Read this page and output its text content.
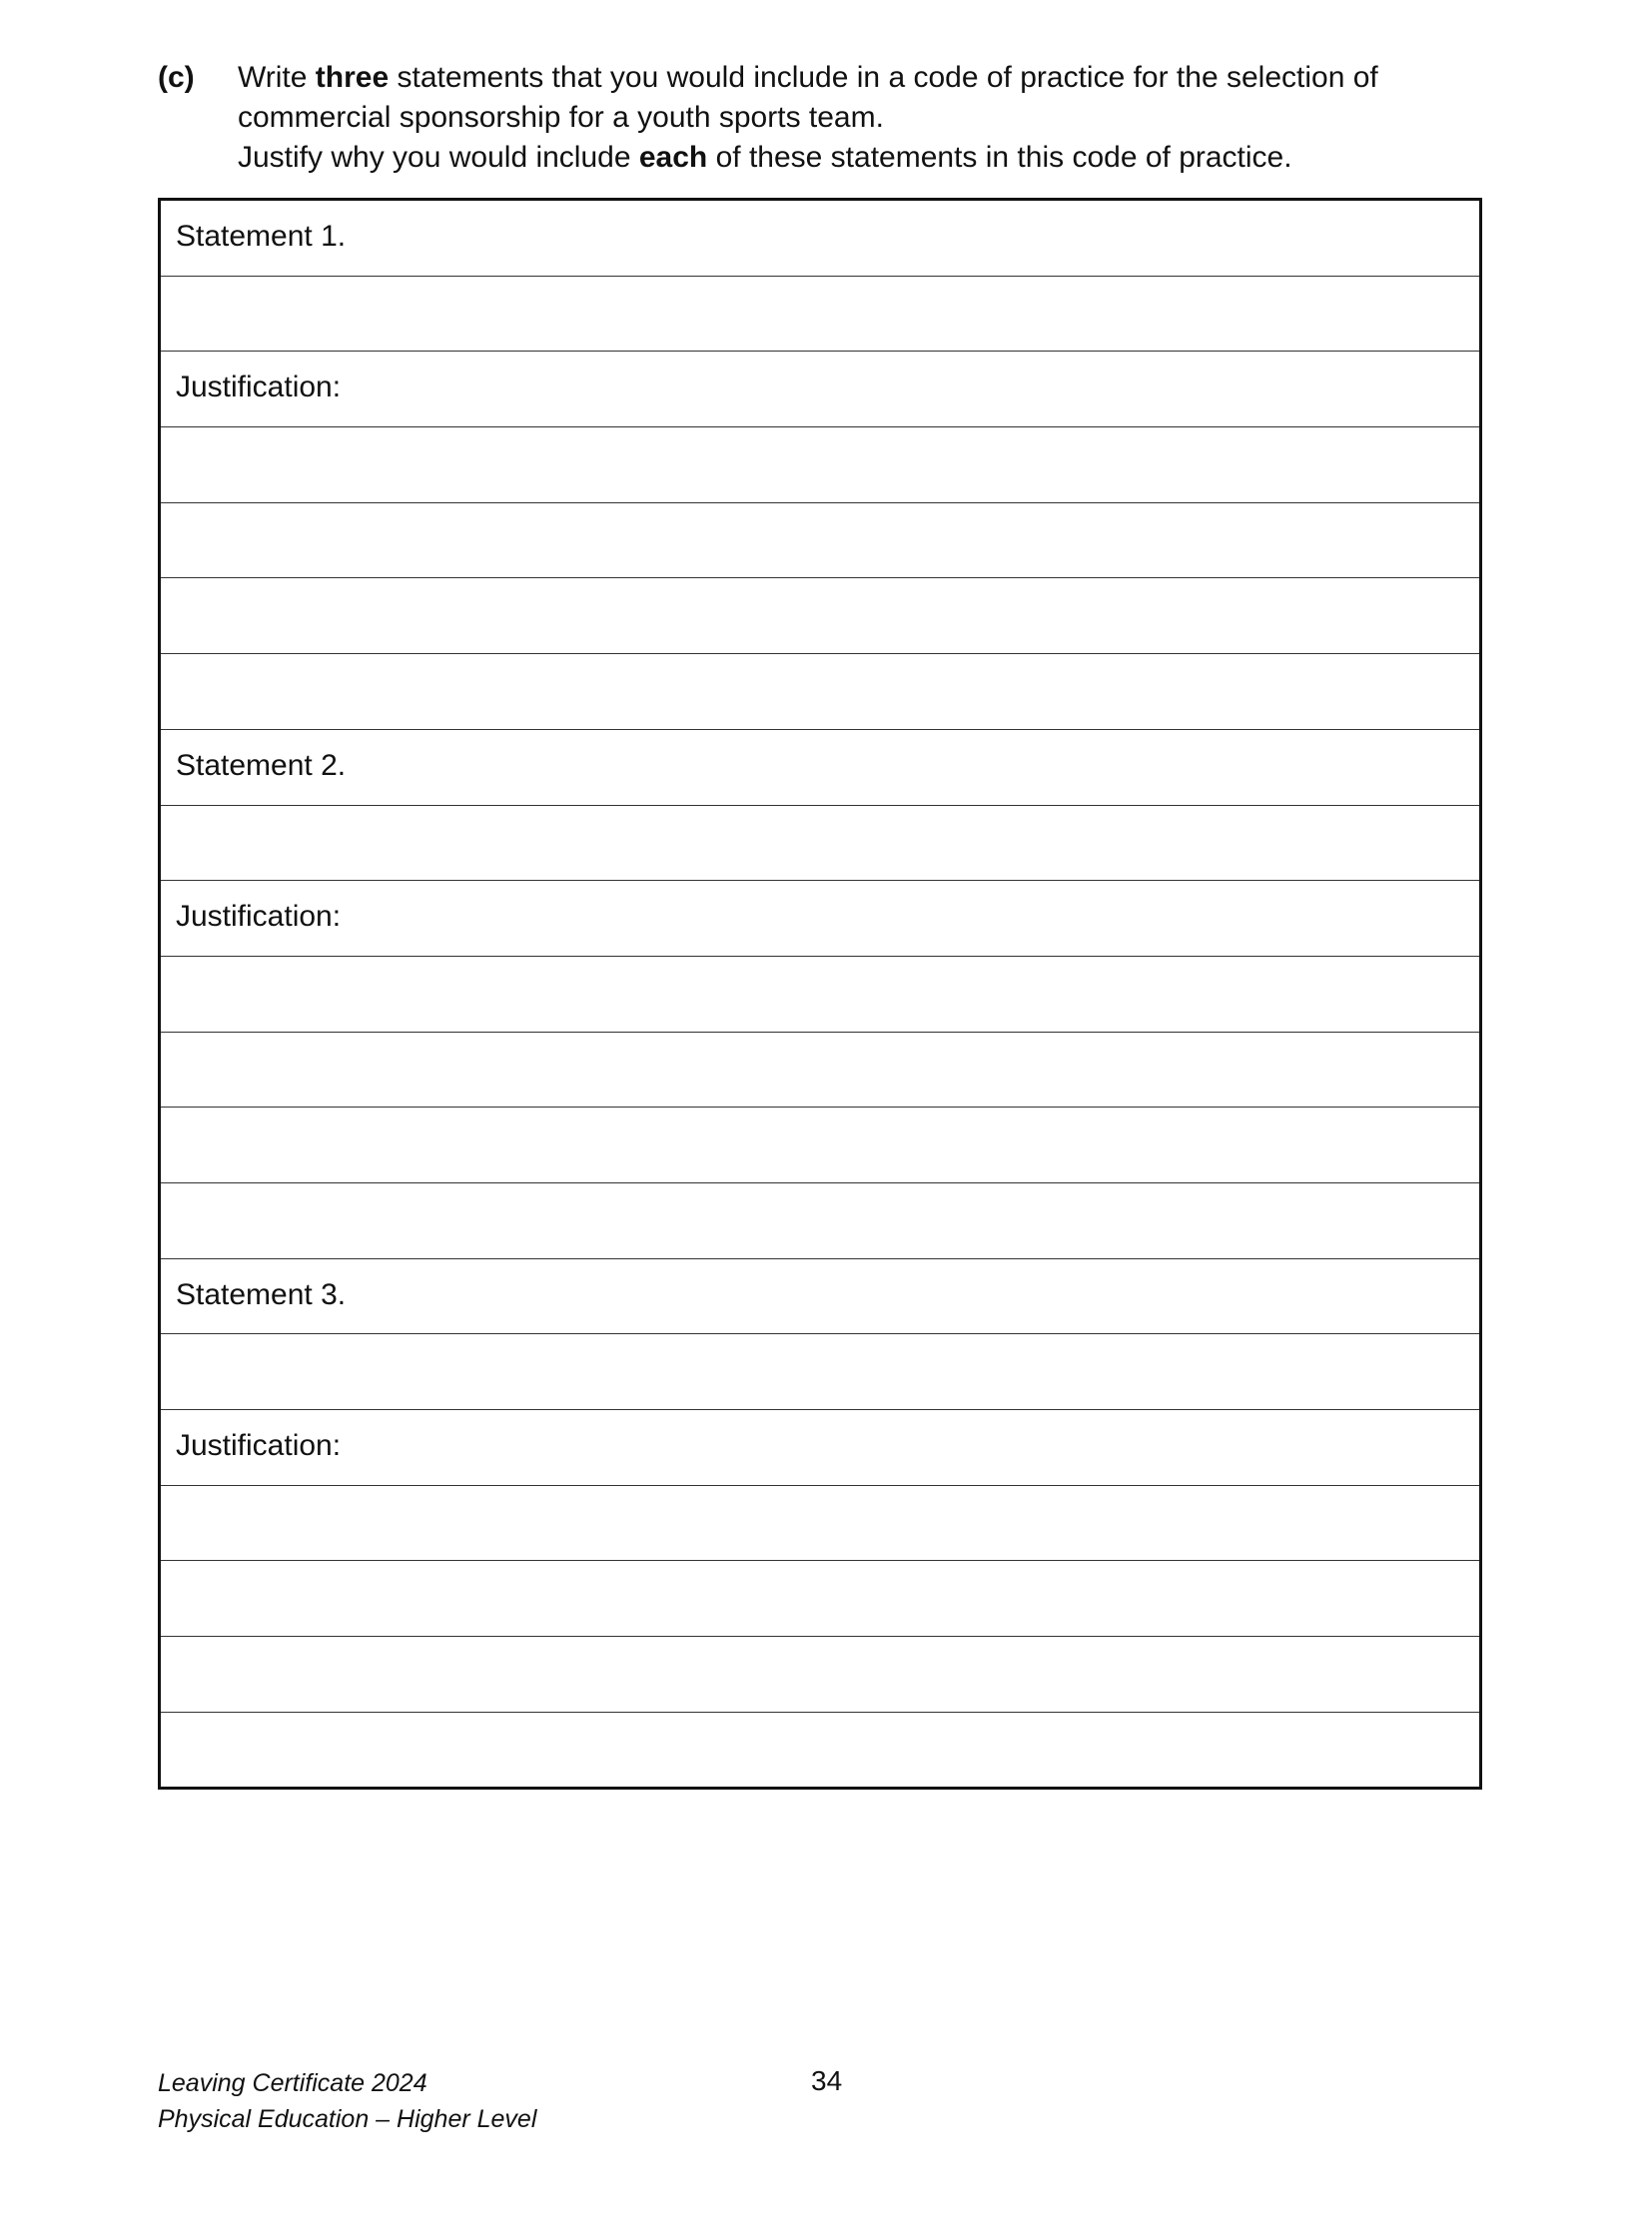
(c) Write three statements that you would include in a code of practice for the selection of
commercial sponsorship for a youth sports team.
Justify why you would include each of these statements in this code of practice.
Statement 1.
Justification:
Statement 2.
Justification:
Statement 3.
Justification:
Leaving Certificate 2024
Physical Education – Higher Level
34
